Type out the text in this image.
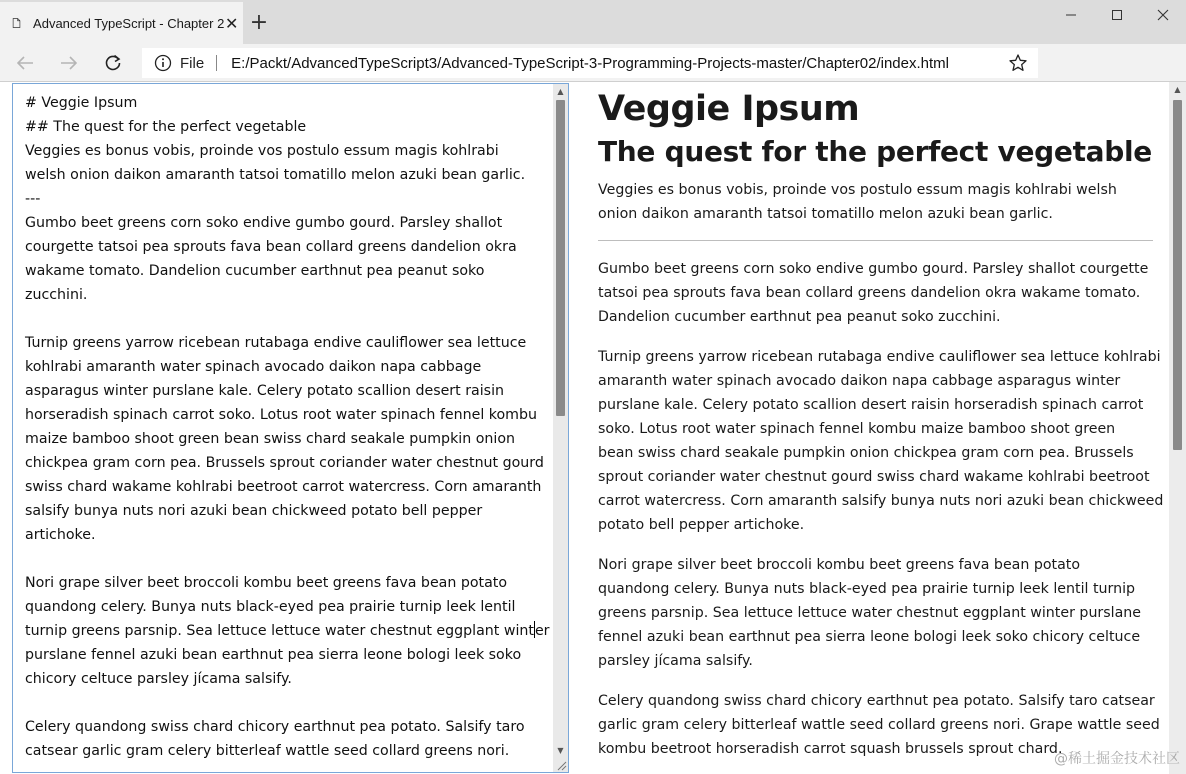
Advanced TypeScript - Chapter 2 ✕ +
File E:/Packt/AdvancedTypeScript3/Advanced-TypeScript-3-Programming-Projects-master/Chapter02/index.html
# Veggie Ipsum
## The quest for the perfect vegetable
Veggies es bonus vobis, proinde vos postulo essum magis kohlrabi
welsh onion daikon amaranth tatsoi tomatillo melon azuki bean garlic.
---
Gumbo beet greens corn soko endive gumbo gourd. Parsley shallot
courgette tatsoi pea sprouts fava bean collard greens dandelion okra
wakame tomato. Dandelion cucumber earthnut pea peanut soko
zucchini.
Turnip greens yarrow ricebean rutabaga endive cauliflower sea lettuce
kohlrabi amaranth water spinach avocado daikon napa cabbage
asparagus winter purslane kale. Celery potato scallion desert raisin
horseradish spinach carrot soko. Lotus root water spinach fennel kombu
maize bamboo shoot green bean swiss chard seakale pumpkin onion
chickpea gram corn pea. Brussels sprout coriander water chestnut gourd
swiss chard wakame kohlrabi beetroot carrot watercress. Corn amaranth
salsify bunya nuts nori azuki bean chickweed potato bell pepper
artichoke.
Nori grape silver beet broccoli kombu beet greens fava bean potato
quandong celery. Bunya nuts black-eyed pea prairie turnip leek lentil
turnip greens parsnip. Sea lettuce lettuce water chestnut eggplant winter
purslane fennel azuki bean earthnut pea sierra leone bologi leek soko
chicory celtuce parsley jícama salsify.
Celery quandong swiss chard chicory earthnut pea potato. Salsify taro
catsear garlic gram celery bitterleaf wattle seed collard greens nori.
▲
▼
Veggie Ipsum
The quest for the perfect vegetable
Veggies es bonus vobis, proinde vos postulo essum magis kohlrabi welsh
onion daikon amaranth tatsoi tomatillo melon azuki bean garlic.
Gumbo beet greens corn soko endive gumbo gourd. Parsley shallot courgette
tatsoi pea sprouts fava bean collard greens dandelion okra wakame tomato.
Dandelion cucumber earthnut pea peanut soko zucchini.
Turnip greens yarrow ricebean rutabaga endive cauliflower sea lettuce kohlrabi
amaranth water spinach avocado daikon napa cabbage asparagus winter
purslane kale. Celery potato scallion desert raisin horseradish spinach carrot
soko. Lotus root water spinach fennel kombu maize bamboo shoot green
bean swiss chard seakale pumpkin onion chickpea gram corn pea. Brussels
sprout coriander water chestnut gourd swiss chard wakame kohlrabi beetroot
carrot watercress. Corn amaranth salsify bunya nuts nori azuki bean chickweed
potato bell pepper artichoke.
Nori grape silver beet broccoli kombu beet greens fava bean potato
quandong celery. Bunya nuts black-eyed pea prairie turnip leek lentil turnip
greens parsnip. Sea lettuce lettuce water chestnut eggplant winter purslane
fennel azuki bean earthnut pea sierra leone bologi leek soko chicory celtuce
parsley jícama salsify.
Celery quandong swiss chard chicory earthnut pea potato. Salsify taro catsear
garlic gram celery bitterleaf wattle seed collard greens nori. Grape wattle seed
kombu beetroot horseradish carrot squash brussels sprout chard.
▲
@稀土掘金技术社区
